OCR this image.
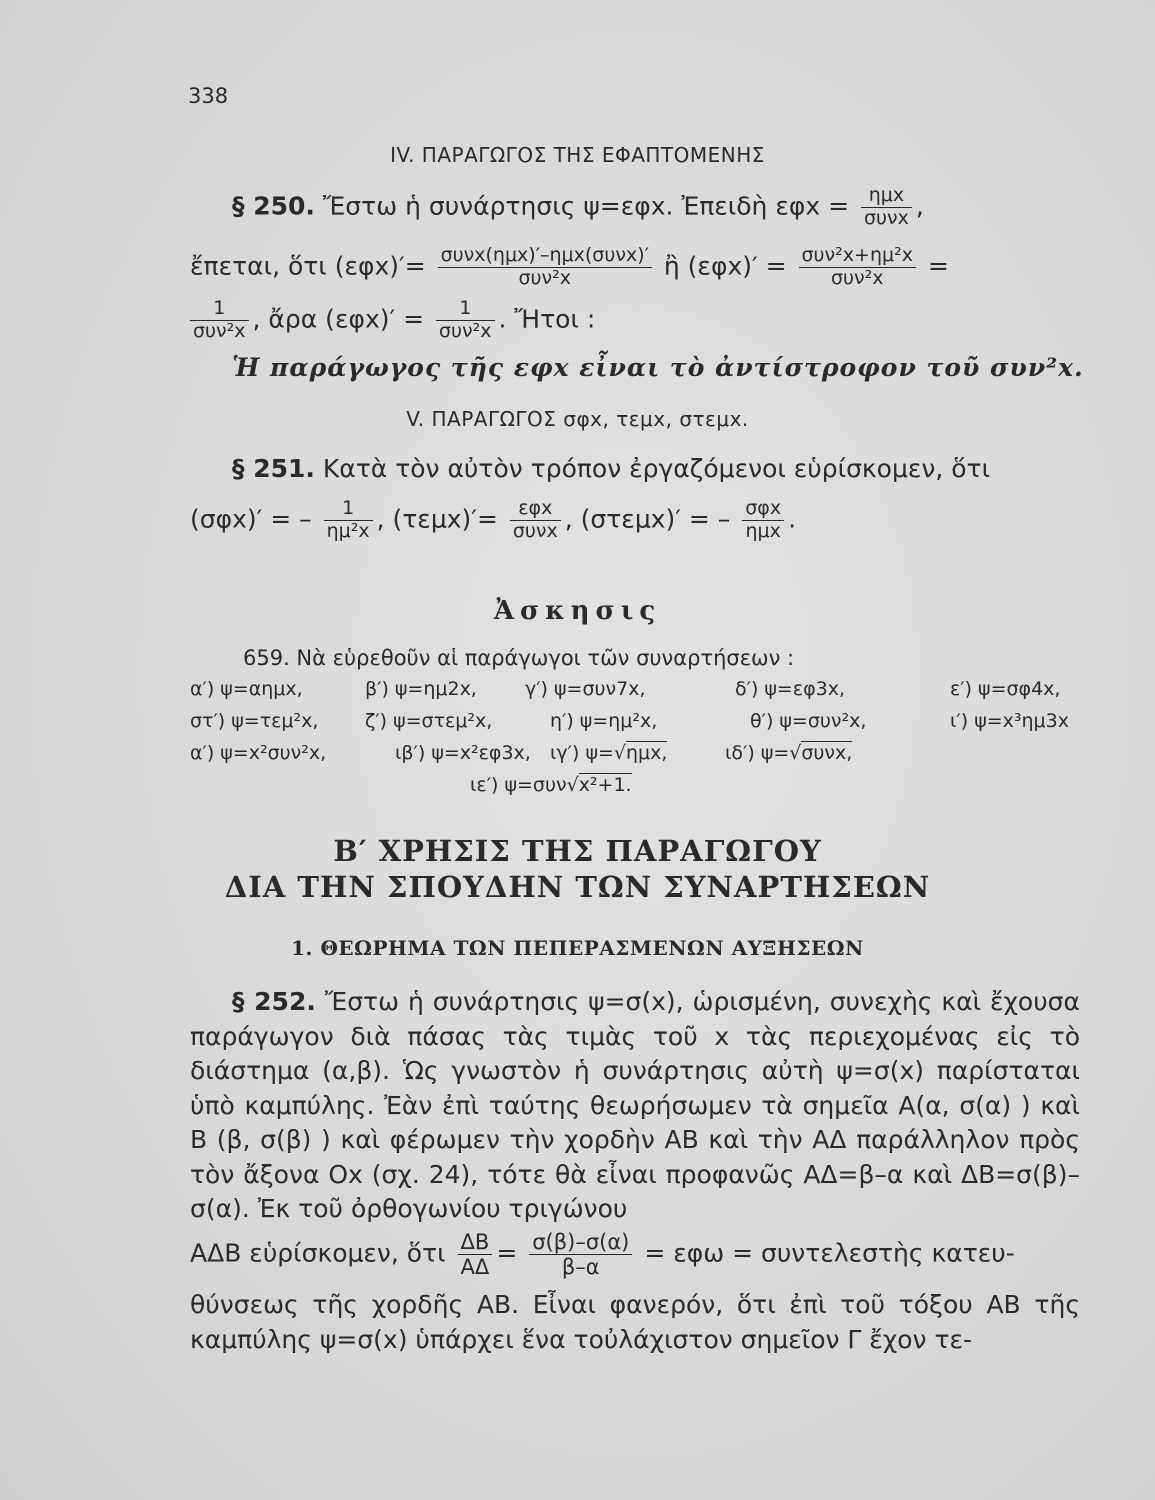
338
IV. ΠΑΡΑΓΩΓΟΣ ΤΗΣ ΕΦΑΠΤΟΜΕΝΗΣ
§ 250. Ἔστω ἡ συνάρτησις ψ=εφx. Ἐπειδὴ $\varepsilon\varphi x = \frac{\text{ημx}}{\text{συνx}}$ ,
ἔπεται, ὅτι $(\varepsilon\varphi x)'= \frac{\text{συνx(ημx)′–ημx(συνx)′}}{\text{συν²x}}$ ἢ $(\varepsilon\varphi x)' = \frac{\text{συν²x+ημ²x}}{\text{συν²x}}$ =
$\frac{1}{\text{συν²x}}$ , ἄρα $(\varepsilon\varphi x)' = \frac{1}{\text{συν²x}}$ . Ἤτοι :
Ἡ παράγωγος τῆς εφx εἶναι τὸ ἀντίστροφον τοῦ συν²x.
V. ΠΑΡΑΓΩΓΟΣ σφx, τεμx, στεμx.
§ 251. Κατὰ τὸν αὐτὸν τρόπον ἐργαζόμενοι εὑρίσκομεν, ὅτι
(σφx)′ = – $\frac{1}{\text{ημ²x}}$ , $(\tau\varepsilon\mu x)'= \frac{\text{εφx}}{\text{συνx}}$ , (στεμx)′ = – $\frac{\text{σφx}}{\text{ημx}}$ .
Ἀσκησις
659. Νὰ εὑρεθοῦν αἱ παράγωγοι τῶν συναρτήσεων :
α′) ψ=αημx,	β′) ψ=ημ2x,	γ′) ψ=συν7x,	δ′) ψ=εφ3x,	ε′) ψ=σφ4x,
στ′) ψ=τεμ²x, ζ′) ψ=στεμ²x,	η′) ψ=ημ²x,	θ′) ψ=συν²x,	ι′) ψ=x³ημ3x
α′) ψ=x²συν²x,	ιβ′) ψ=x²εφ3x, ιγ′) ψ=√ημx,	ιδ′) ψ=√συνx,
ιε′) ψ=συν√x²+1.
Β′ ΧΡΗΣΙΣ ΤΗΣ ΠΑΡΑΓΩΓΟΥ
ΔΙΑ ΤΗΝ ΣΠΟΥΔΗΝ ΤΩΝ ΣΥΝΑΡΤΗΣΕΩΝ
1. ΘΕΩΡΗΜΑ ΤΩΝ ΠΕΠΕΡΑΣΜΕΝΩΝ ΑΥΞΗΣΕΩΝ
§ 252. Ἔστω ἡ συνάρτησις ψ=σ(x), ὡρισμένη, συνεχὴς καὶ ἔχουσα παράγωγον διὰ πάσας τὰς τιμὰς τοῦ x τὰς περιεχομένας εἰς τὸ διάστημα (α,β). Ὡς γνωστὸν ἡ συνάρτησις αὐτὴ ψ=σ(x) παρίσταται ὑπὸ καμπύλης. Ἐὰν ἐπὶ ταύτης θεωρήσωμεν τὰ σημεῖα Α(α, σ(α) ) καὶ Β (β, σ(β) ) καὶ φέρωμεν τὴν χορδὴν ΑΒ καὶ τὴν ΑΔ παράλληλον πρὸς τὸν ἄξονα Οx (σχ. 24), τότε θὰ εἶναι προφανῶς ΑΔ=β–α καὶ ΔΒ=σ(β)–σ(α). Ἐκ τοῦ ὀρθογωνίου τριγώνου
ΑΔΒ εὑρίσκομεν, ὅτι $\frac{\Delta B}{A\Delta} = \frac{\sigma(\beta)-\sigma(\alpha)}{\beta-\alpha} = \varepsilon\varphi\omega$ = συντελεστὴς κατευ-
θύνσεως τῆς χορδῆς ΑΒ. Εἶναι φανερόν, ὅτι ἐπὶ τοῦ τόξου ΑΒ τῆς καμπύλης ψ=σ(x) ὑπάρχει ἕνα τοὐλάχιστον σημεῖον Γ ἔχον τε-
